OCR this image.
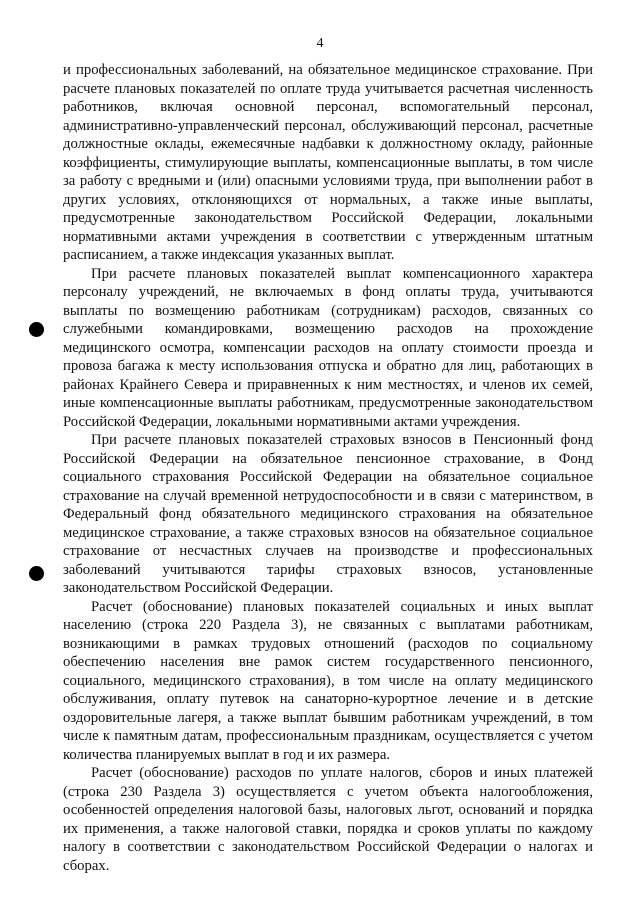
4

и профессиональных заболеваний, на обязательное медицинское страхование. При расчете плановых показателей по оплате труда учитывается расчетная численность работников, включая основной персонал, вспомогательный персонал, административно-управленческий персонал, обслуживающий персонал, расчетные должностные оклады, ежемесячные надбавки к должностному окладу, районные коэффициенты, стимулирующие выплаты, компенсационные выплаты, в том числе за работу с вредными и (или) опасными условиями труда, при выполнении работ в других условиях, отклоняющихся от нормальных, а также иные выплаты, предусмотренные законодательством Российской Федерации, локальными нормативными актами учреждения в соответствии с утвержденным штатным расписанием, а также индексация указанных выплат.

При расчете плановых показателей выплат компенсационного характера персоналу учреждений, не включаемых в фонд оплаты труда, учитываются выплаты по возмещению работникам (сотрудникам) расходов, связанных со служебными командировками, возмещению расходов на прохождение медицинского осмотра, компенсации расходов на оплату стоимости проезда и провоза багажа к месту использования отпуска и обратно для лиц, работающих в районах Крайнего Севера и приравненных к ним местностях, и членов их семей, иные компенсационные выплаты работникам, предусмотренные законодательством Российской Федерации, локальными нормативными актами учреждения.

При расчете плановых показателей страховых взносов в Пенсионный фонд Российской Федерации на обязательное пенсионное страхование, в Фонд социального страхования Российской Федерации на обязательное социальное страхование на случай временной нетрудоспособности и в связи с материнством, в Федеральный фонд обязательного медицинского страхования на обязательное медицинское страхование, а также страховых взносов на обязательное социальное страхование от несчастных случаев на производстве и профессиональных заболеваний учитываются тарифы страховых взносов, установленные законодательством Российской Федерации.

Расчет (обоснование) плановых показателей социальных и иных выплат населению (строка 220 Раздела 3), не связанных с выплатами работникам, возникающими в рамках трудовых отношений (расходов по социальному обеспечению населения вне рамок систем государственного пенсионного, социального, медицинского страхования), в том числе на оплату медицинского обслуживания, оплату путевок на санаторно-курортное лечение и в детские оздоровительные лагеря, а также выплат бывшим работникам учреждений, в том числе к памятным датам, профессиональным праздникам, осуществляется с учетом количества планируемых выплат в год и их размера.

Расчет (обоснование) расходов по уплате налогов, сборов и иных платежей (строка 230 Раздела 3) осуществляется с учетом объекта налогообложения, особенностей определения налоговой базы, налоговых льгот, оснований и порядка их применения, а также налоговой ставки, порядка и сроков уплаты по каждому налогу в соответствии с законодательством Российской Федерации о налогах и сборах.
